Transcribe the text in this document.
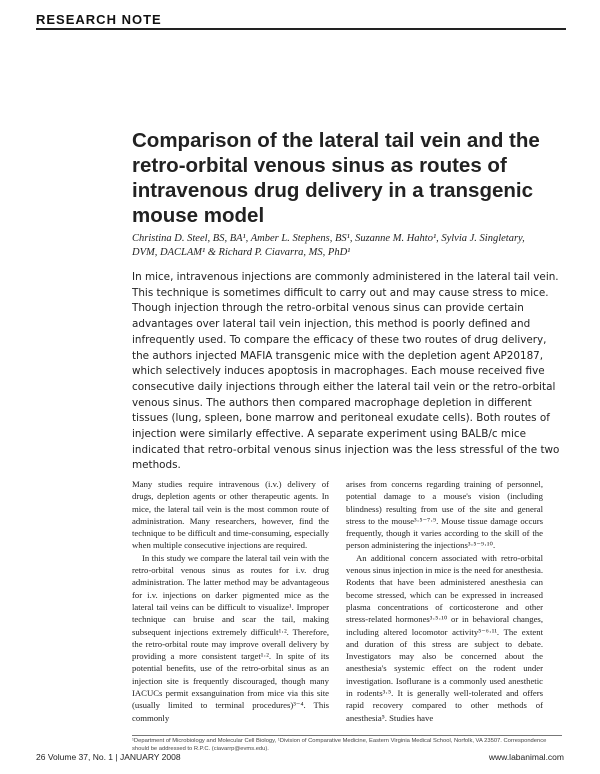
RESEARCH NOTE
Comparison of the lateral tail vein and the retro-orbital venous sinus as routes of intravenous drug delivery in a transgenic mouse model
Christina D. Steel, BS, BA¹, Amber L. Stephens, BS¹, Suzanne M. Hahto¹, Sylvia J. Singletary, DVM, DACLAM¹ & Richard P. Ciavarra, MS, PhD¹

In mice, intravenous injections are commonly administered in the lateral tail vein. This technique is sometimes difficult to carry out and may cause stress to mice. Though injection through the retro-orbital venous sinus can provide certain advantages over lateral tail vein injection, this method is poorly defined and infrequently used. To compare the efficacy of these two routes of drug delivery, the authors injected MAFIA transgenic mice with the depletion agent AP20187, which selectively induces apoptosis in macrophages. Each mouse received five consecutive daily injections through either the lateral tail vein or the retro-orbital venous sinus. The authors then compared macrophage depletion in different tissues (lung, spleen, bone marrow and peritoneal exudate cells). Both routes of injection were similarly effective. A separate experiment using BALB/c mice indicated that retro-orbital venous sinus injection was the less stressful of the two methods.

Many studies require intravenous (i.v.) delivery of drugs, depletion agents or other therapeutic agents. In mice, the lateral tail vein is the most common route of administration. Many researchers, however, find the technique to be difficult and time-consuming, especially when multiple consecutive injections are required.

In this study we compare the lateral tail vein with the retro-orbital venous sinus as routes for i.v. drug administration. The latter method may be advantageous for i.v. injections on darker pigmented mice as the lateral tail veins can be difficult to visualize¹. Improper technique can bruise and scar the tail, making subsequent injections extremely difficult¹·². Therefore, the retro-orbital route may improve overall delivery by providing a more consistent target¹·². In spite of its potential benefits, use of the retro-orbital sinus as an injection site is frequently discouraged, though many IACUCs permit exsanguination from mice via this site (usually limited to terminal procedures)³⁻⁴. This commonly

arises from concerns regarding training of personnel, potential damage to a mouse's vision (including blindness) resulting from use of the site and general stress to the mouse³·⁵⁻⁷·⁹. Mouse tissue damage occurs frequently, though it varies according to the skill of the person administering the injections³·⁵⁻⁹·¹⁰.

An additional concern associated with retro-orbital venous sinus injection in mice is the need for anesthesia. Rodents that have been administered anesthesia can become stressed, which can be expressed in increased plasma concentrations of corticosterone and other stress-related hormones³·⁵·¹⁰ or in behavioral changes, including altered locomotor activity⁵⁻⁶·¹¹. The extent and duration of this stress are subject to debate. Investigators may also be concerned about the anesthesia's systemic effect on the rodent under investigation. Isoflurane is a commonly used anesthetic in rodents³·⁵. It is generally well-tolerated and offers rapid recovery compared to other methods of anesthesia⁵. Studies have

¹Department of Microbiology and Molecular Cell Biology, ¹Division of Comparative Medicine, Eastern Virginia Medical School, Norfolk, VA 23507. Correspondence should be addressed to R.P.C. (ciavarrp@evms.edu).
26 Volume 37, No. 1 | JANUARY 2008	www.labanimal.com
